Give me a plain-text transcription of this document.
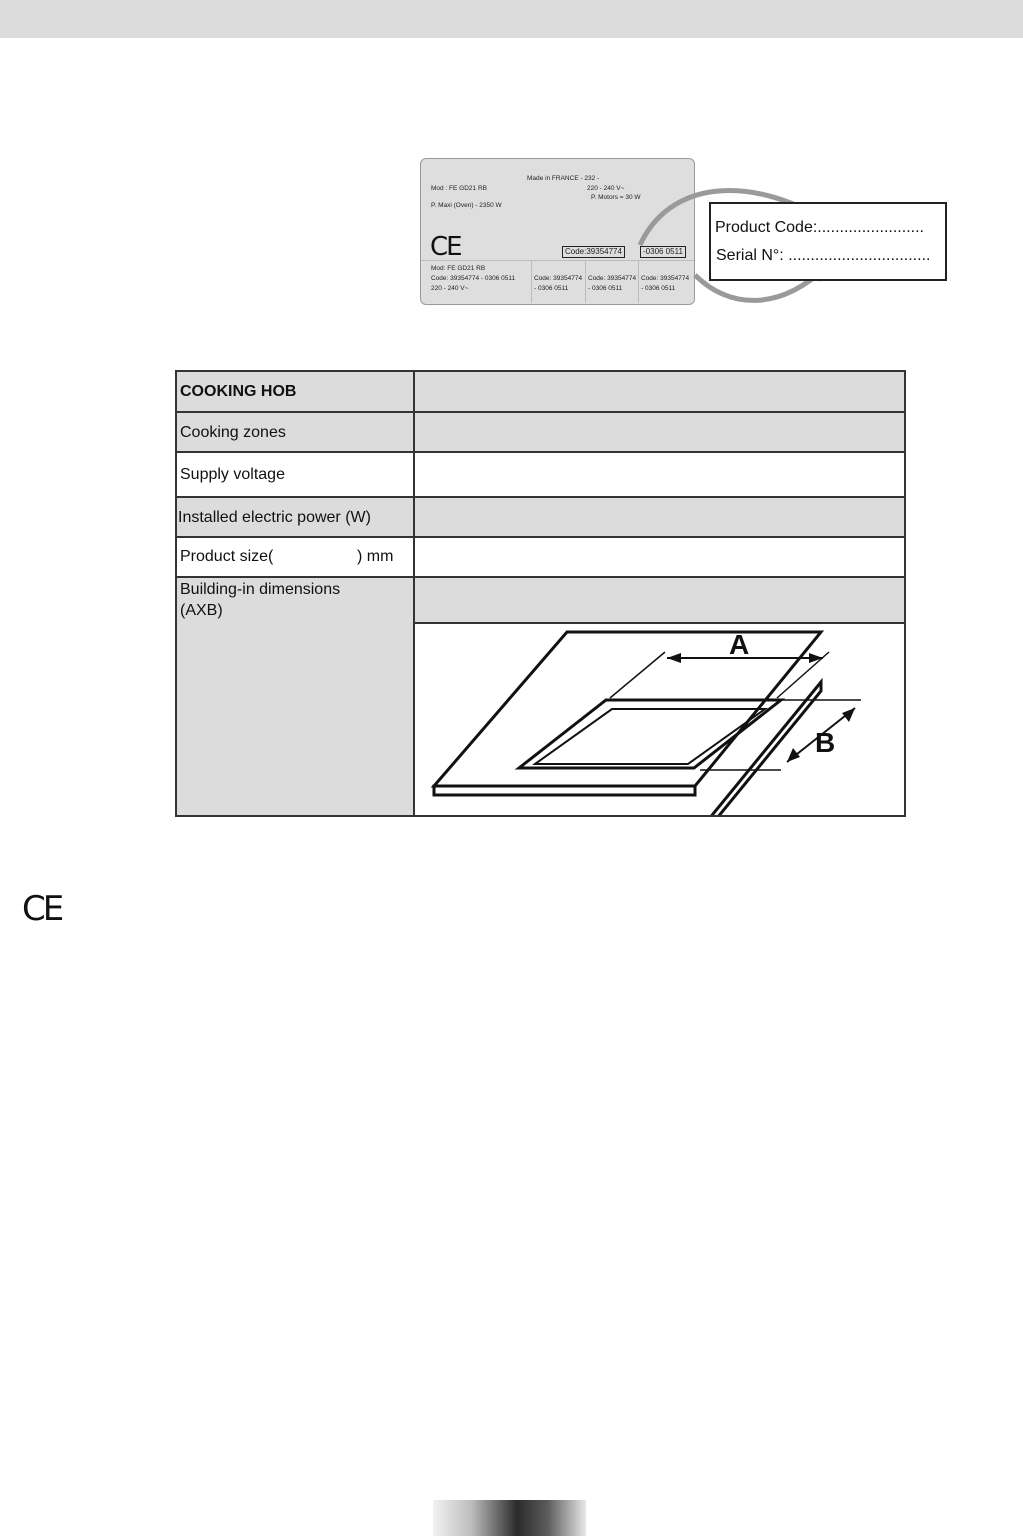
Made in FRANCE - 232 -
Mod : FE GD21 RB	220 - 240 V~
P. Motors = 30 W
P. Maxi (Oven) - 2350 W
CE	Code:39354774	-0306 0511
Mod: FE GD21 RB
Code: 39354774 - 0306 0511
220 - 240 V~
Code: 39354774
- 0306 0511
Code: 39354774
- 0306 0511
Code: 39354774
- 0306 0511
Product Code:........................
Serial N°: ................................
COOKING HOB
Cooking zones
Supply voltage
Installed electric power (W)
Product size(	) mm
Building-in dimensions
(AXB)
A
B
CE
